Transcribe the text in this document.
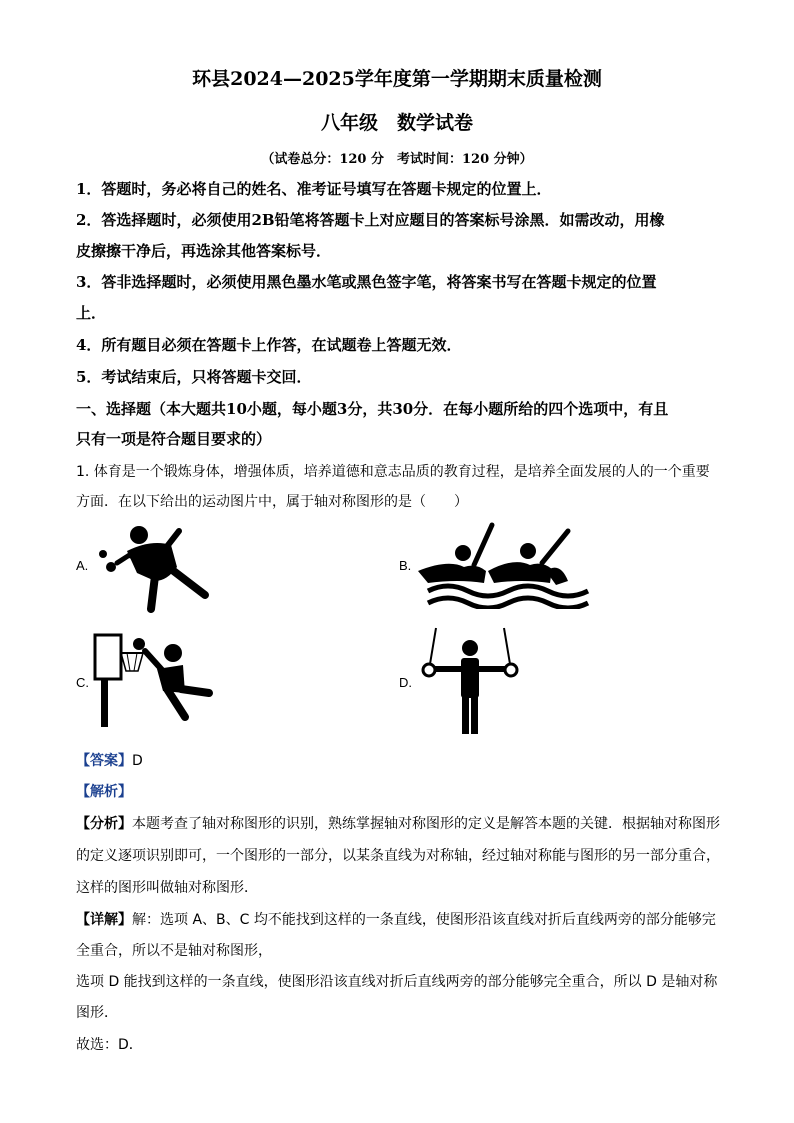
环县2024—2025学年度第一学期期末质量检测
八年级　数学试卷
（试卷总分：120 分　考试时间：120 分钟）
1．答题时，务必将自己的姓名、准考证号填写在答题卡规定的位置上．
2．答选择题时，必须使用2B铅笔将答题卡上对应题目的答案标号涂黑．如需改动，用橡
皮擦擦干净后，再选涂其他答案标号．
3．答非选择题时，必须使用黑色墨水笔或黑色签字笔，将答案书写在答题卡规定的位置
上．
4．所有题目必须在答题卡上作答，在试题卷上答题无效．
5．考试结束后，只将答题卡交回．
一、选择题（本大题共10小题，每小题3分，共30分．在每小题所给的四个选项中，有且
只有一项是符合题目要求的）
1. 体育是一个锻炼身体，增强体质，培养道德和意志品质的教育过程，是培养全面发展的人的一个重要
方面．在以下给出的运动图片中，属于轴对称图形的是（　　）
A.	B.
C.	D.
【答案】D
【解析】
【分析】本题考查了轴对称图形的识别，熟练掌握轴对称图形的定义是解答本题的关键．根据轴对称图形
的定义逐项识别即可，一个图形的一部分，以某条直线为对称轴，经过轴对称能与图形的另一部分重合，
这样的图形叫做轴对称图形．
【详解】解：选项 A、B、C 均不能找到这样的一条直线，使图形沿该直线对折后直线两旁的部分能够完
全重合，所以不是轴对称图形，
选项 D 能找到这样的一条直线，使图形沿该直线对折后直线两旁的部分能够完全重合，所以 D 是轴对称
图形．
故选：D．
